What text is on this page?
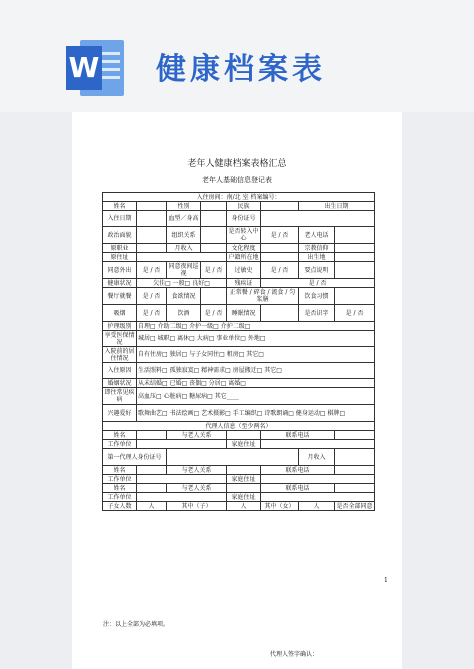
W 健康档案表
老年人健康档案表格汇总
老年人基础信息登记表
入住房间：南/北 室 档案编号：							
姓名		性别		民族		出生日期	
入住日期		血型／身高		身份证号			
政治面貌		组织关系		是否转入中心	是 / 否	老人电话	
原职业		月收入		文化程度		宗教信仰	
原住址				户籍所在地		出生地	
同意外出	是 / 否	同意夜间巡视	是 / 否	过敏史	是 / 否	要点说明	
健康状况	欠佳□ 一般□ 良好□			残疾证	是 / 否		
餐厅就餐	是 / 否	食欲情况		正常餐 / 碎食 / 流食 / 匀浆膳		饮食习惯	
吸烟	是 / 否	饮酒	是 / 否	睡眠情况		是否识字	是 / 否
护理级别	自理□ 介助二级□ 介护一级□ 介护二级□						
享受医保情况	城居□ 城职□ 离休□ 大病□ 事业单位□ 外地□						
入院前的居住情况	自有住房□ 独居□ 与子女同住□ 租房□ 其它□						
入住原因	生活照料□ 孤独寂寞□ 精神需求□ 房屋搬迁□ 其它□						
婚姻状况	从未结婚□ 已婚□ 丧偶□ 分居□ 离婚□						
即往常见疾病	高血压□ 心脏病□ 糖尿病□ 其它____						
兴趣爱好	歌舞曲艺□ 书法绘画□ 艺术摄影□ 手工编织□ 诗歌朗诵□ 健身运动□ 棋牌□						
代理人信息（至少两名）							
姓名		与老人关系			联系电话		
工作单位				家庭住址			
第一代理人身份证号						月收入	
姓名		与老人关系			联系电话		
工作单位				家庭住址			
姓名		与老人关系			联系电话		
工作单位				家庭住址			
子女人数	人	其中（子）		人	其中（女）	人	是否全部同意
1
注：以上全部为必填项。
代理人签字确认：
